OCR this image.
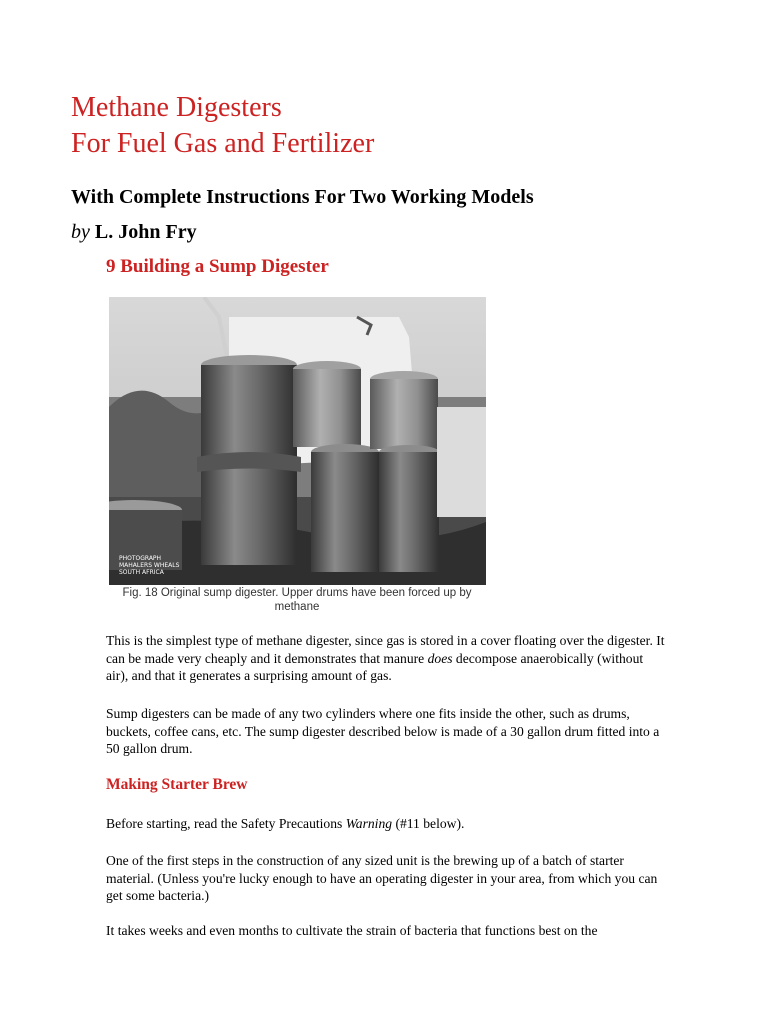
Methane Digesters
For Fuel Gas and Fertilizer
With Complete Instructions For Two Working Models
by L. John Fry
9 Building a Sump Digester
PHOTOGRAPH
MAHALERS WHEALS
SOUTH AFRICA
Fig. 18 Original sump digester. Upper drums have been forced up by methane

This is the simplest type of methane digester, since gas is stored in a cover floating over the digester. It can be made very cheaply and it demonstrates that manure does decompose anaerobically (without air), and that it generates a surprising amount of gas.

Sump digesters can be made of any two cylinders where one fits inside the other, such as drums, buckets, coffee cans, etc. The sump digester described below is made of a 30 gallon drum fitted into a 50 gallon drum.

Making Starter Brew

Before starting, read the Safety Precautions Warning (#11 below).

One of the first steps in the construction of any sized unit is the brewing up of a batch of starter material. (Unless you're lucky enough to have an operating digester in your area, from which you can get some bacteria.)

It takes weeks and even months to cultivate the strain of bacteria that functions best on the
